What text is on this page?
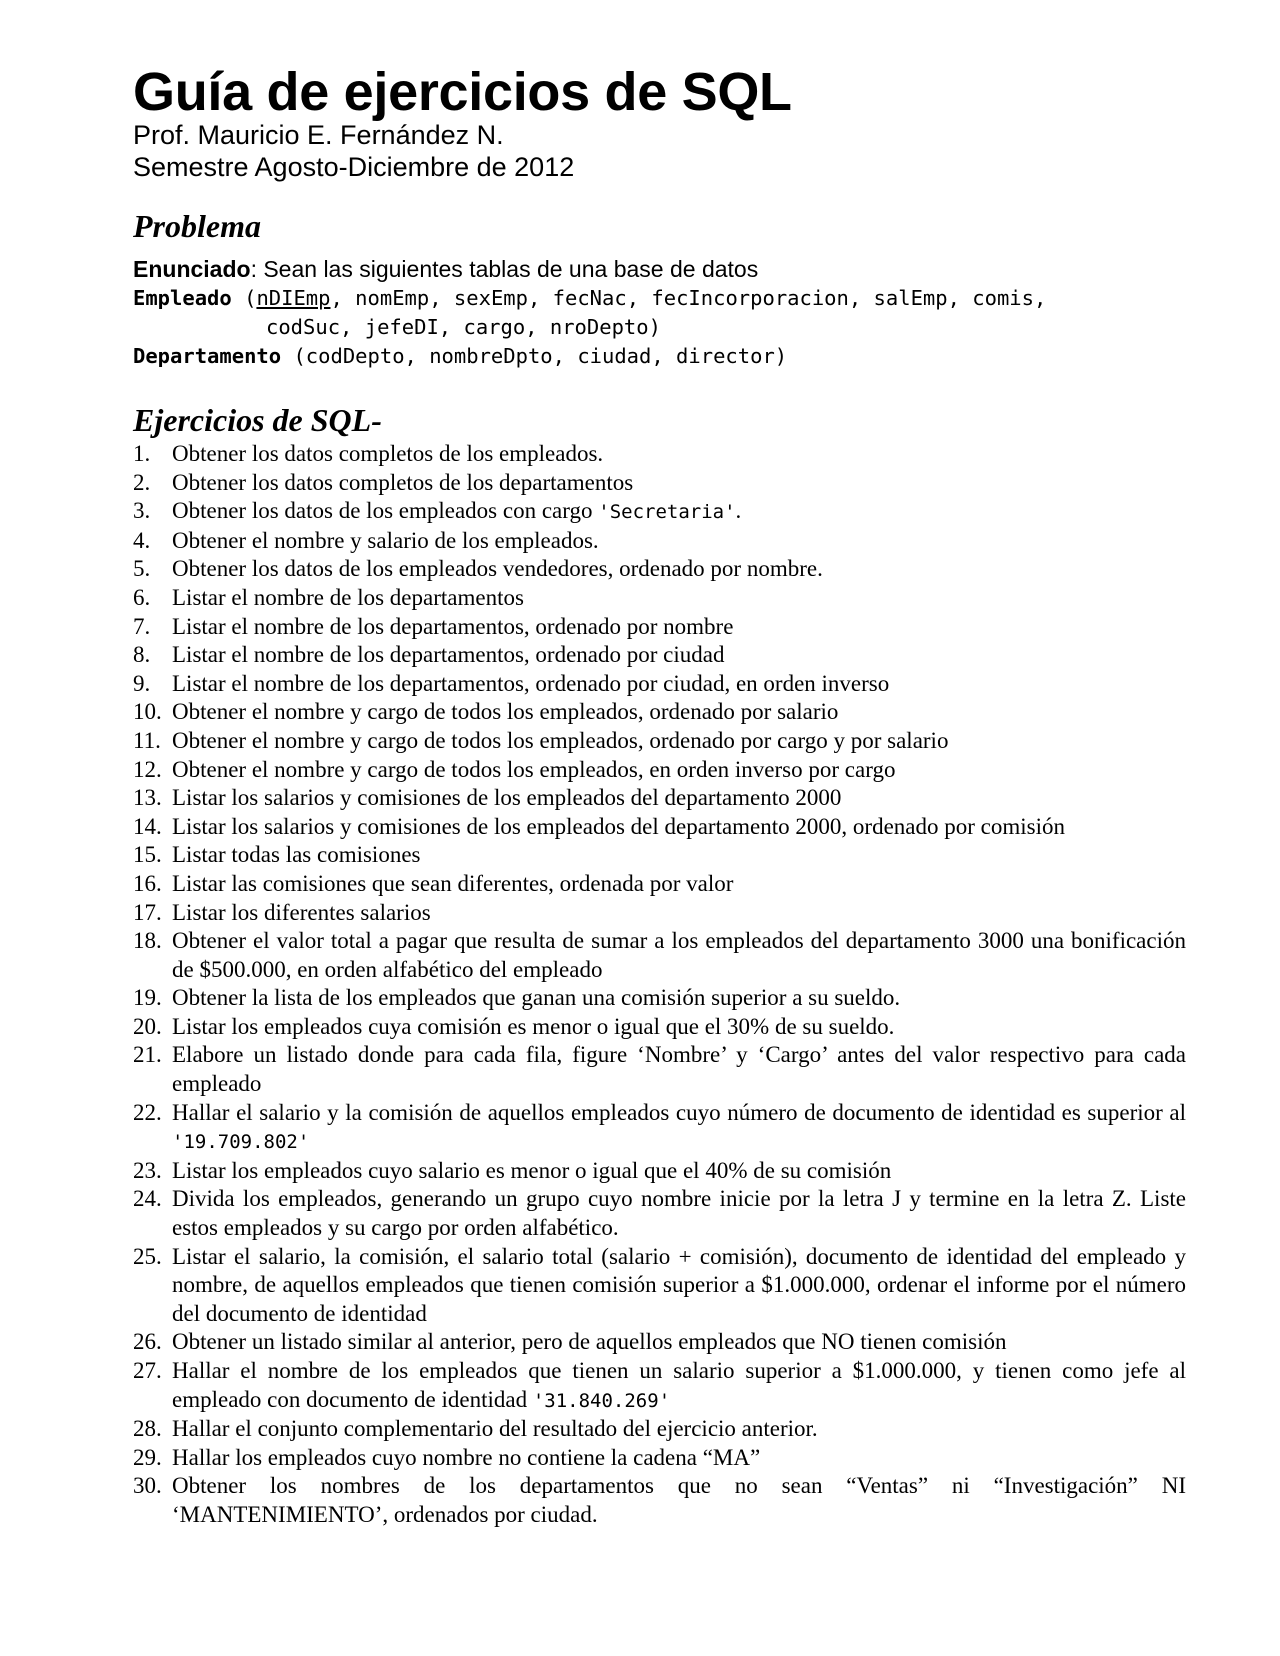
Guía de ejercicios de SQL

Prof. Mauricio E. Fernández N.

Semestre Agosto-Diciembre de 2012

Problema

Enunciado: Sean las siguientes tablas de una base de datos

Empleado (nDIEmp, nomEmp, sexEmp, fecNac, fecIncorporacion, salEmp, comis,

codSuc, jefeDI, cargo, nroDepto)

Departamento (codDepto, nombreDpto, ciudad, director)

Ejercicios de SQL-
1. Obtener los datos completos de los empleados.
2. Obtener los datos completos de los departamentos
3. Obtener los datos de los empleados con cargo 'Secretaria'.
4. Obtener el nombre y salario de los empleados.
5. Obtener los datos de los empleados vendedores, ordenado por nombre.
6. Listar el nombre de los departamentos
7. Listar el nombre de los departamentos, ordenado por nombre
8. Listar el nombre de los departamentos, ordenado por ciudad
9. Listar el nombre de los departamentos, ordenado por ciudad, en orden inverso
10. Obtener el nombre y cargo de todos los empleados, ordenado por salario
11. Obtener el nombre y cargo de todos los empleados, ordenado por cargo y por salario
12. Obtener el nombre y cargo de todos los empleados, en orden inverso por cargo
13. Listar los salarios y comisiones de los empleados del departamento 2000
14. Listar los salarios y comisiones de los empleados del departamento 2000, ordenado por comisión
15. Listar todas las comisiones
16. Listar las comisiones que sean diferentes, ordenada por valor
17. Listar los diferentes salarios
18. Obtener el valor total a pagar que resulta de sumar a los empleados del departamento 3000 una bonificación de $500.000, en orden alfabético del empleado
19. Obtener la lista de los empleados que ganan una comisión superior a su sueldo.
20. Listar los empleados cuya comisión es menor o igual que el 30% de su sueldo.
21. Elabore un listado donde para cada fila, figure ‘Nombre’ y ‘Cargo’ antes del valor respectivo para cada empleado
22. Hallar el salario y la comisión de aquellos empleados cuyo número de documento de identidad es superior al '19.709.802'
23. Listar los empleados cuyo salario es menor o igual que el 40% de su comisión
24. Divida los empleados, generando un grupo cuyo nombre inicie por la letra J y termine en la letra Z. Liste estos empleados y su cargo por orden alfabético.
25. Listar el salario, la comisión, el salario total (salario + comisión), documento de identidad del empleado y nombre, de aquellos empleados que tienen comisión superior a $1.000.000, ordenar el informe por el número del documento de identidad
26. Obtener un listado similar al anterior, pero de aquellos empleados que NO tienen comisión
27. Hallar el nombre de los empleados que tienen un salario superior a $1.000.000, y tienen como jefe al empleado con documento de identidad '31.840.269'
28. Hallar el conjunto complementario del resultado del ejercicio anterior.
29. Hallar los empleados cuyo nombre no contiene la cadena “MA”
30. Obtener los nombres de los departamentos que no sean “Ventas” ni “Investigación” NI ‘MANTENIMIENTO’, ordenados por ciudad.
